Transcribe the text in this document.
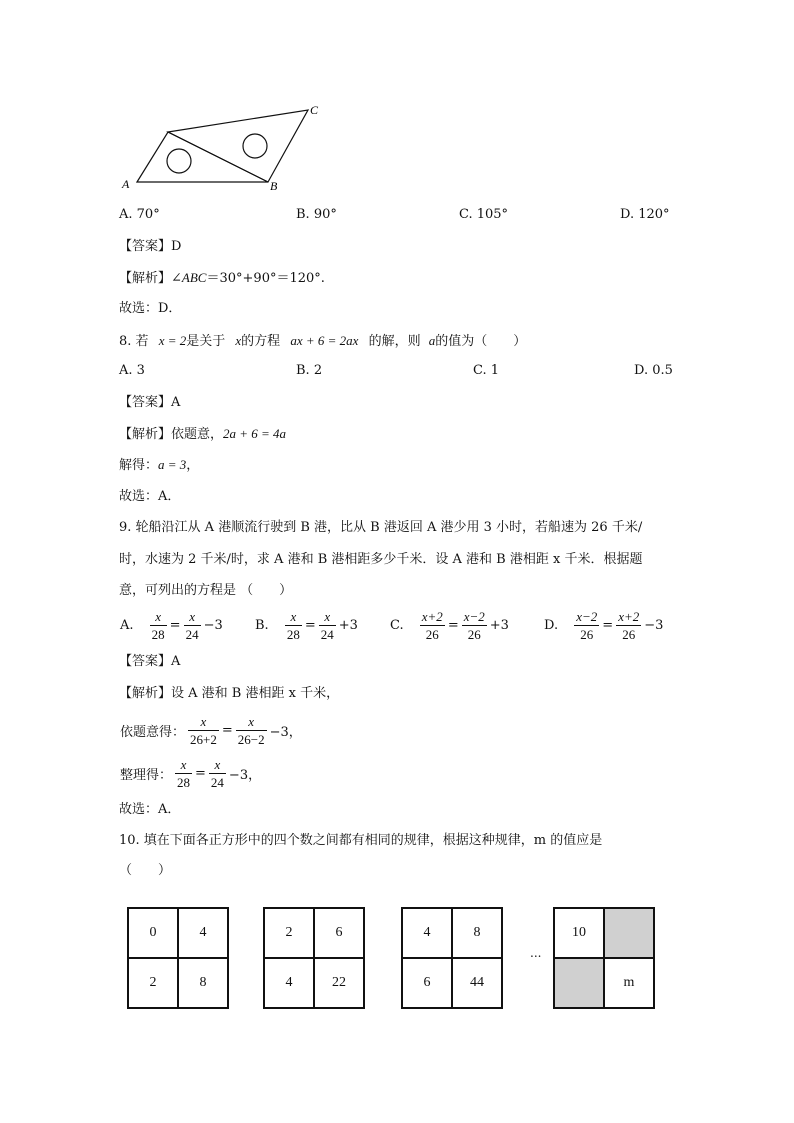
A	B
C
A. 70°	B. 90°	C. 105°	D. 120°
【答案】D
【解析】∠ABC＝30°+90°＝120°.
故选：D．
8. 若 x = 2是关于 x的方程 ax + 6 = 2ax 的解，则 a的值为（　　）
A. 3	B. 2	C. 1	D. 0.5
【答案】A
【解析】依题意，2a + 6 = 4a
解得：a = 3，
故选：A．
9. 轮船沿江从 A 港顺流行驶到 B 港，比从 B 港返回 A 港少用 3 小时，若船速为 26 千米/
时，水速为 2 千米/时，求 A 港和 B 港相距多少千米．设 A 港和 B 港相距 x 千米．根据题
意，可列出的方程是 （　　）
A. $\frac{x}{28} = \frac{x}{24} -3$ B. $\frac{x}{28} = \frac{x}{24} +3$ C. $\frac{x+2}{26} = \frac{x-2}{26} +3$	D. $\frac{x-2}{26} = \frac{x+2}{26} -3$
【答案】A
【解析】设 A 港和 B 港相距 x 千米，
依题意得： $\frac{x}{26+2} = \frac{x}{26-2} -3$，
整理得： $\frac{x}{28} = \frac{x}{24} -3$，
故选：A．
10. 填在下面各正方形中的四个数之间都有相同的规律，根据这种规律，m 的值应是
（　　）
0	4
2	8
2	6
4	22
4	8
6	44
...
10
m
